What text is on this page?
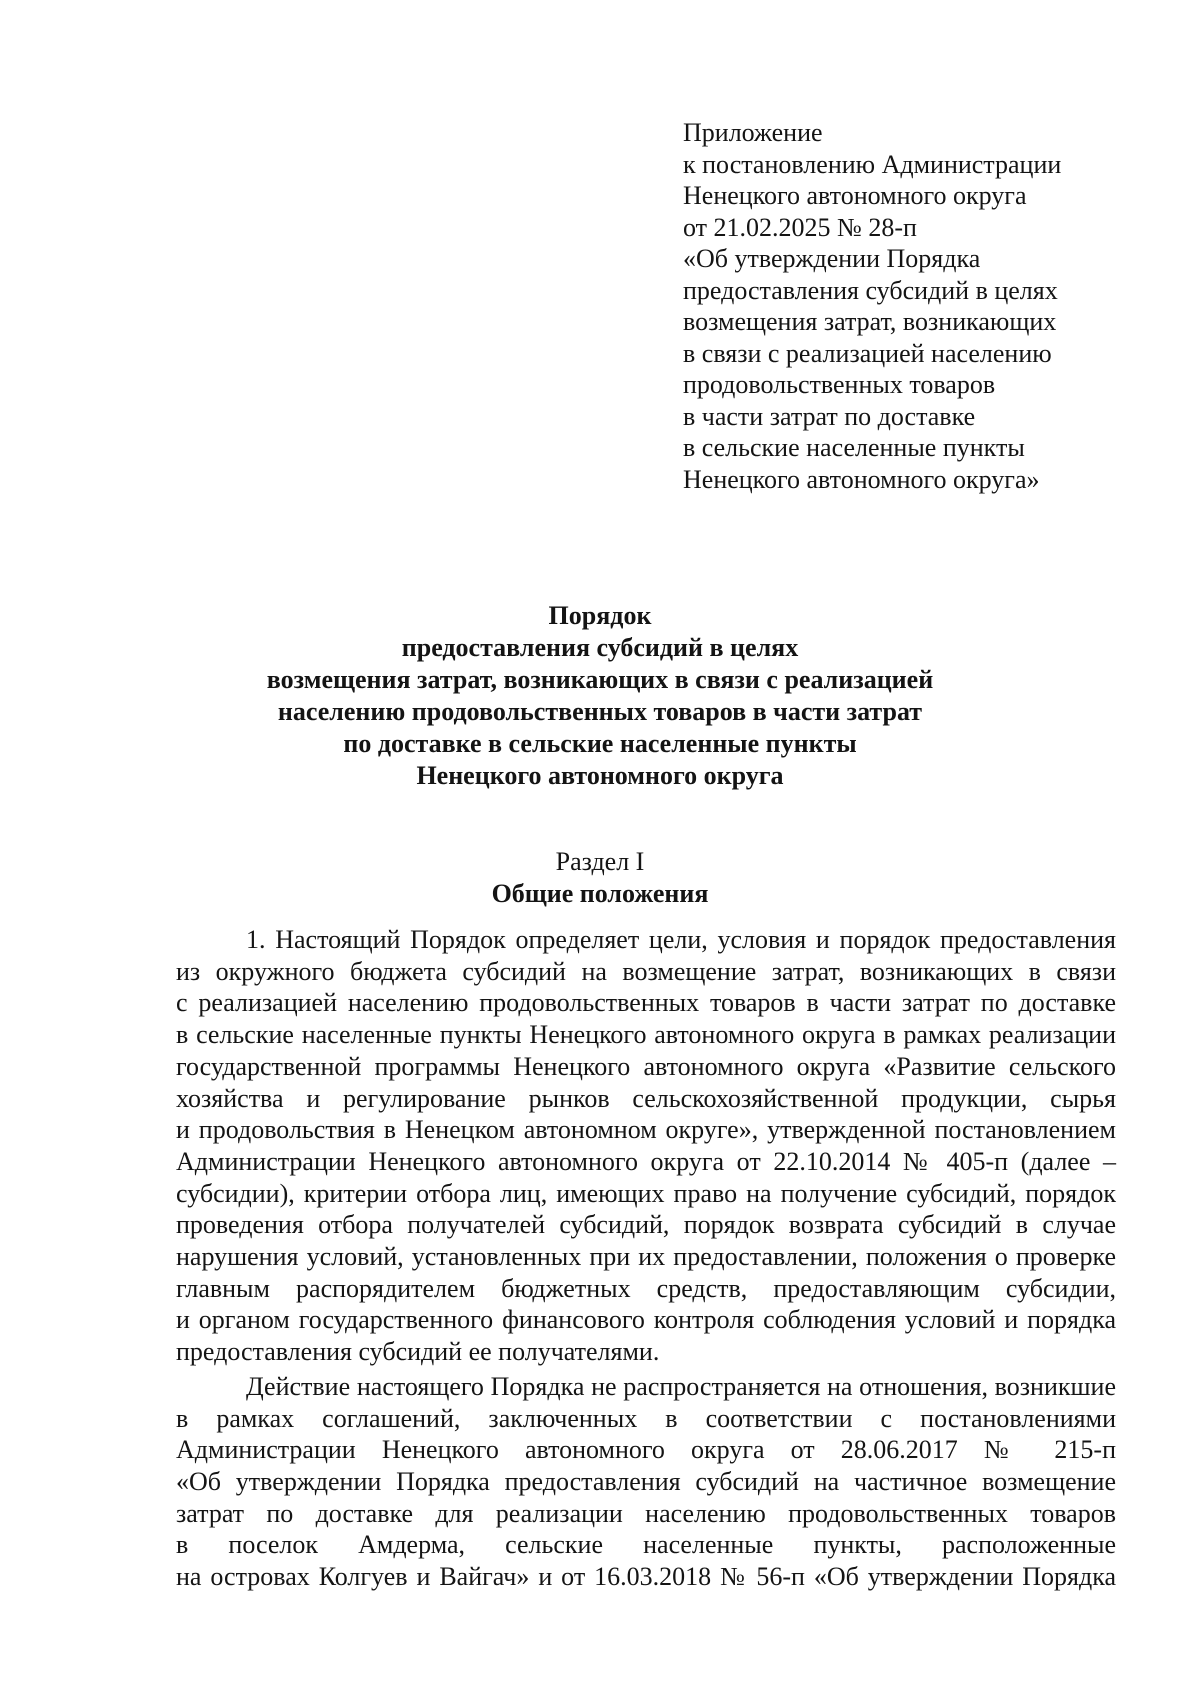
Приложение
к постановлению Администрации
Ненецкого автономного округа
от 21.02.2025 № 28-п
«Об утверждении Порядка
предоставления субсидий в целях
возмещения затрат, возникающих
в связи с реализацией населению
продовольственных товаров
в части затрат по доставке
в сельские населенные пункты
Ненецкого автономного округа»
Порядок
предоставления субсидий в целях
возмещения затрат, возникающих в связи с реализацией
населению продовольственных товаров в части затрат
по доставке в сельские населенные пункты
Ненецкого автономного округа
Раздел I
Общие положения
1. Настоящий Порядок определяет цели, условия и порядок предоставления
из окружного бюджета субсидий на возмещение затрат, возникающих в связи
с реализацией населению продовольственных товаров в части затрат по доставке
в сельские населенные пункты Ненецкого автономного округа в рамках реализации
государственной программы Ненецкого автономного округа «Развитие сельского
хозяйства и регулирование рынков сельскохозяйственной продукции, сырья
и продовольствия в Ненецком автономном округе», утвержденной постановлением
Администрации Ненецкого автономного округа от 22.10.2014 № 405-п (далее –
субсидии), критерии отбора лиц, имеющих право на получение субсидий, порядок
проведения отбора получателей субсидий, порядок возврата субсидий в случае
нарушения условий, установленных при их предоставлении, положения о проверке
главным распорядителем бюджетных средств, предоставляющим субсидии,
и органом государственного финансового контроля соблюдения условий и порядка
предоставления субсидий ее получателями.
Действие настоящего Порядка не распространяется на отношения, возникшие
в рамках соглашений, заключенных в соответствии с постановлениями
Администрации Ненецкого автономного округа от 28.06.2017 № 215-п
«Об утверждении Порядка предоставления субсидий на частичное возмещение
затрат по доставке для реализации населению продовольственных товаров
в поселок Амдерма, сельские населенные пункты, расположенные
на островах Колгуев и Вайгач» и от 16.03.2018 № 56-п «Об утверждении Порядка
